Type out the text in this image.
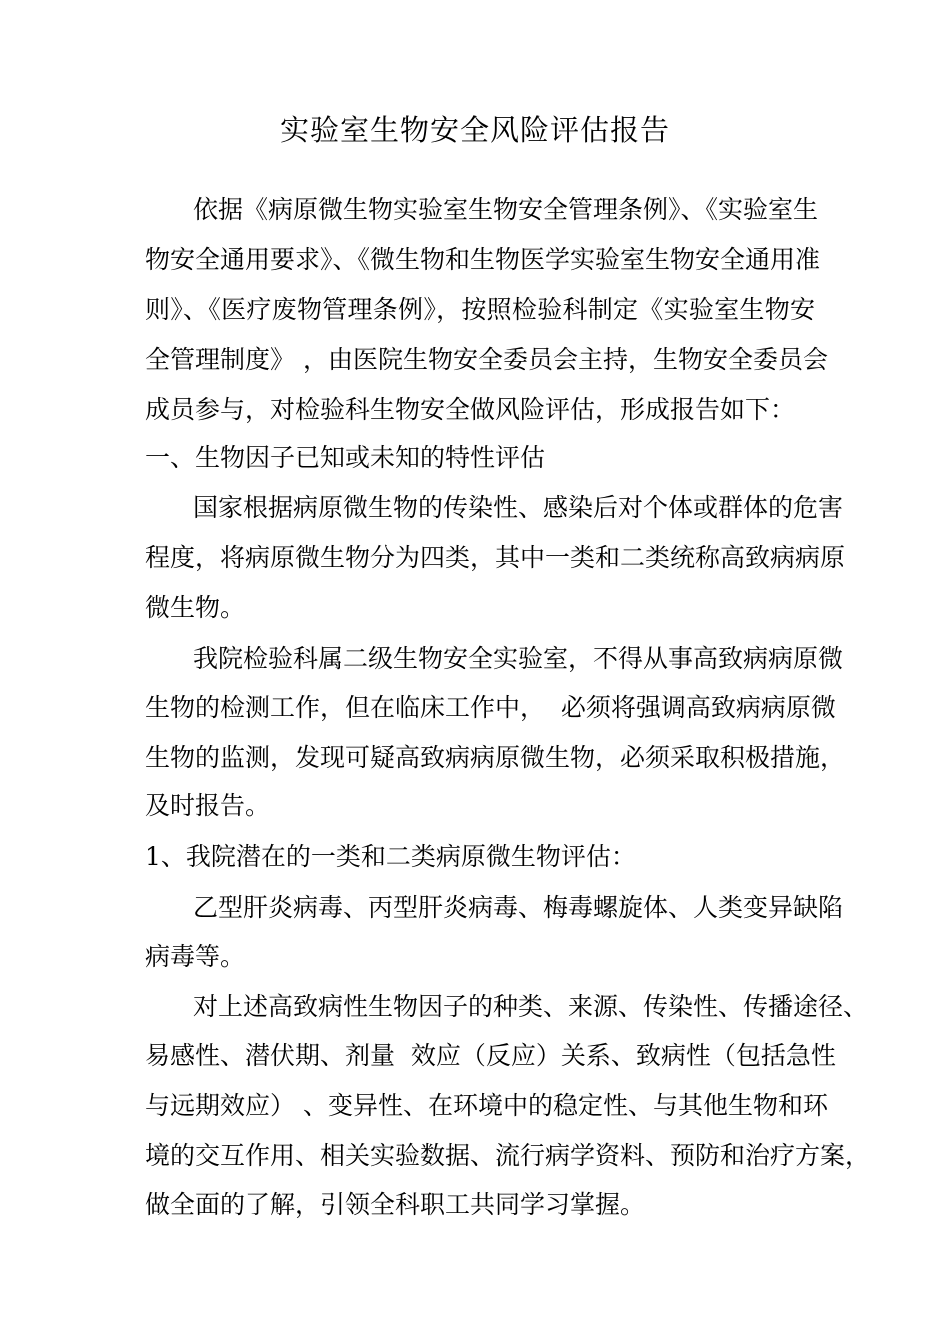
实验室生物安全风险评估报告
依据《病原微生物实验室生物安全管理条例》、《实验室生
物安全通用要求》、《微生物和生物医学实验室生物安全通用准
则》、《医疗废物管理条例》，按照检验科制定《实验室生物安
全管理制度》 ，由医院生物安全委员会主持，生物安全委员会
成员参与，对检验科生物安全做风险评估，形成报告如下：
一、生物因子已知或未知的特性评估
国家根据病原微生物的传染性、感染后对个体或群体的危害
程度，将病原微生物分为四类，其中一类和二类统称高致病病原
微生物。
我院检验科属二级生物安全实验室，不得从事高致病病原微
生物的检测工作，但在临床工作中，  必须将强调高致病病原微
生物的监测，发现可疑高致病病原微生物，必须采取积极措施，
及时报告。
1、我院潜在的一类和二类病原微生物评估：
乙型肝炎病毒、丙型肝炎病毒、梅毒螺旋体、人类变异缺陷
病毒等。
对上述高致病性生物因子的种类、来源、传染性、传播途径、
易感性、潜伏期、剂量  效应（反应）关系、致病性（包括急性
与远期效应） 、变异性、在环境中的稳定性、与其他生物和环
境的交互作用、相关实验数据、流行病学资料、预防和治疗方案，
做全面的了解，引领全科职工共同学习掌握。
